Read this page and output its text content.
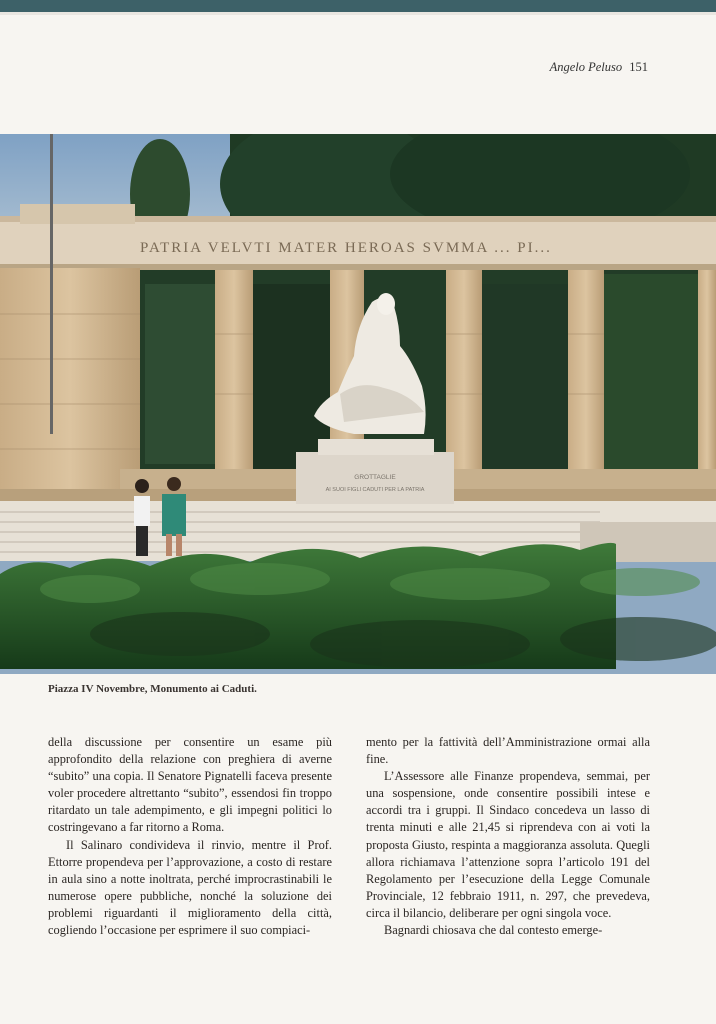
Angelo Peluso 151
PATRIA VELVTI MATER HEROAS SVMMA ... PI...
GROTTAGLIE
AI SUOI FIGLI CADUTI PER LA PATRIA
Piazza IV Novembre, Monumento ai Caduti.

della discussione per consentire un esame più approfondito della relazione con preghiera di averne “subito” una copia. Il Senatore Pignatelli faceva presente voler procedere altrettanto “subito”, essendosi fin troppo ritardato un tale adempimento, e gli impegni politici lo costringevano a far ritorno a Roma.

Il Salinaro condivideva il rinvio, mentre il Prof. Ettorre propendeva per l’approvazione, a costo di restare in aula sino a notte inoltrata, perché improcrastinabili le numerose opere pubbliche, nonché la soluzione dei problemi riguardanti il miglioramento della città, cogliendo l’occasione per esprimere il suo compiaci-

mento per la fattività dell’Amministrazione ormai alla fine.

L’Assessore alle Finanze propendeva, semmai, per una sospensione, onde consentire possibili intese e accordi tra i gruppi. Il Sindaco concedeva un lasso di trenta minuti e alle 21,45 si riprendeva con ai voti la proposta Giusto, respinta a maggioranza assoluta. Quegli allora richiamava l’attenzione sopra l’articolo 191 del Regolamento per l’esecuzione della Legge Comunale Provinciale, 12 febbraio 1911, n. 297, che prevedeva, circa il bilancio, deliberare per ogni singola voce.

Bagnardi chiosava che dal contesto emerge-
